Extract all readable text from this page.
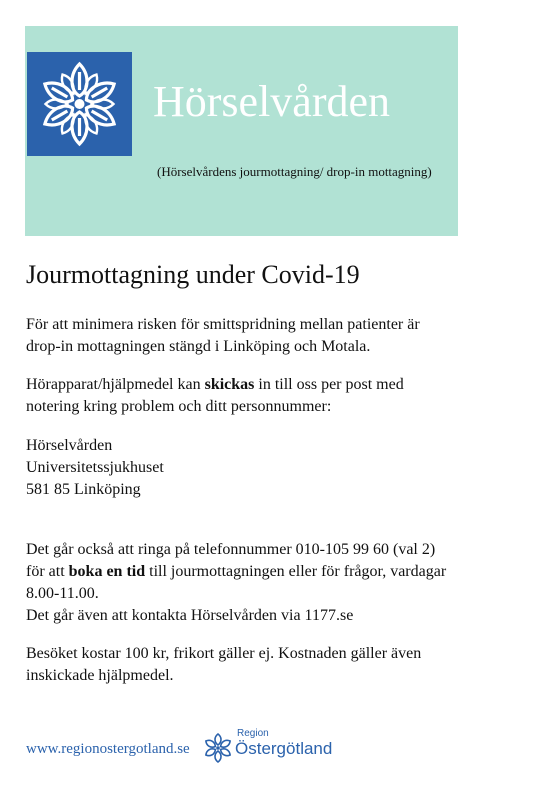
Hörselvården
(Hörselvårdens jourmottagning/ drop-in mottagning)
Jourmottagning under Covid-19

För att minimera risken för smittspridning mellan patienter är
drop-in mottagningen stängd i Linköping och Motala.

Hörapparat/hjälpmedel kan skickas in till oss per post med
notering kring problem och ditt personnummer:

Hörselvården
Universitetssjukhuset
581 85 Linköping

Det går också att ringa på telefonnummer 010-105 99 60 (val 2)
för att boka en tid till jourmottagningen eller för frågor, vardagar
8.00-11.00.
Det går även att kontakta Hörselvården via 1177.se

Besöket kostar 100 kr, frikort gäller ej. Kostnaden gäller även
inskickade hjälpmedel.

www.regionostergotland.se
Region
Östergötland
